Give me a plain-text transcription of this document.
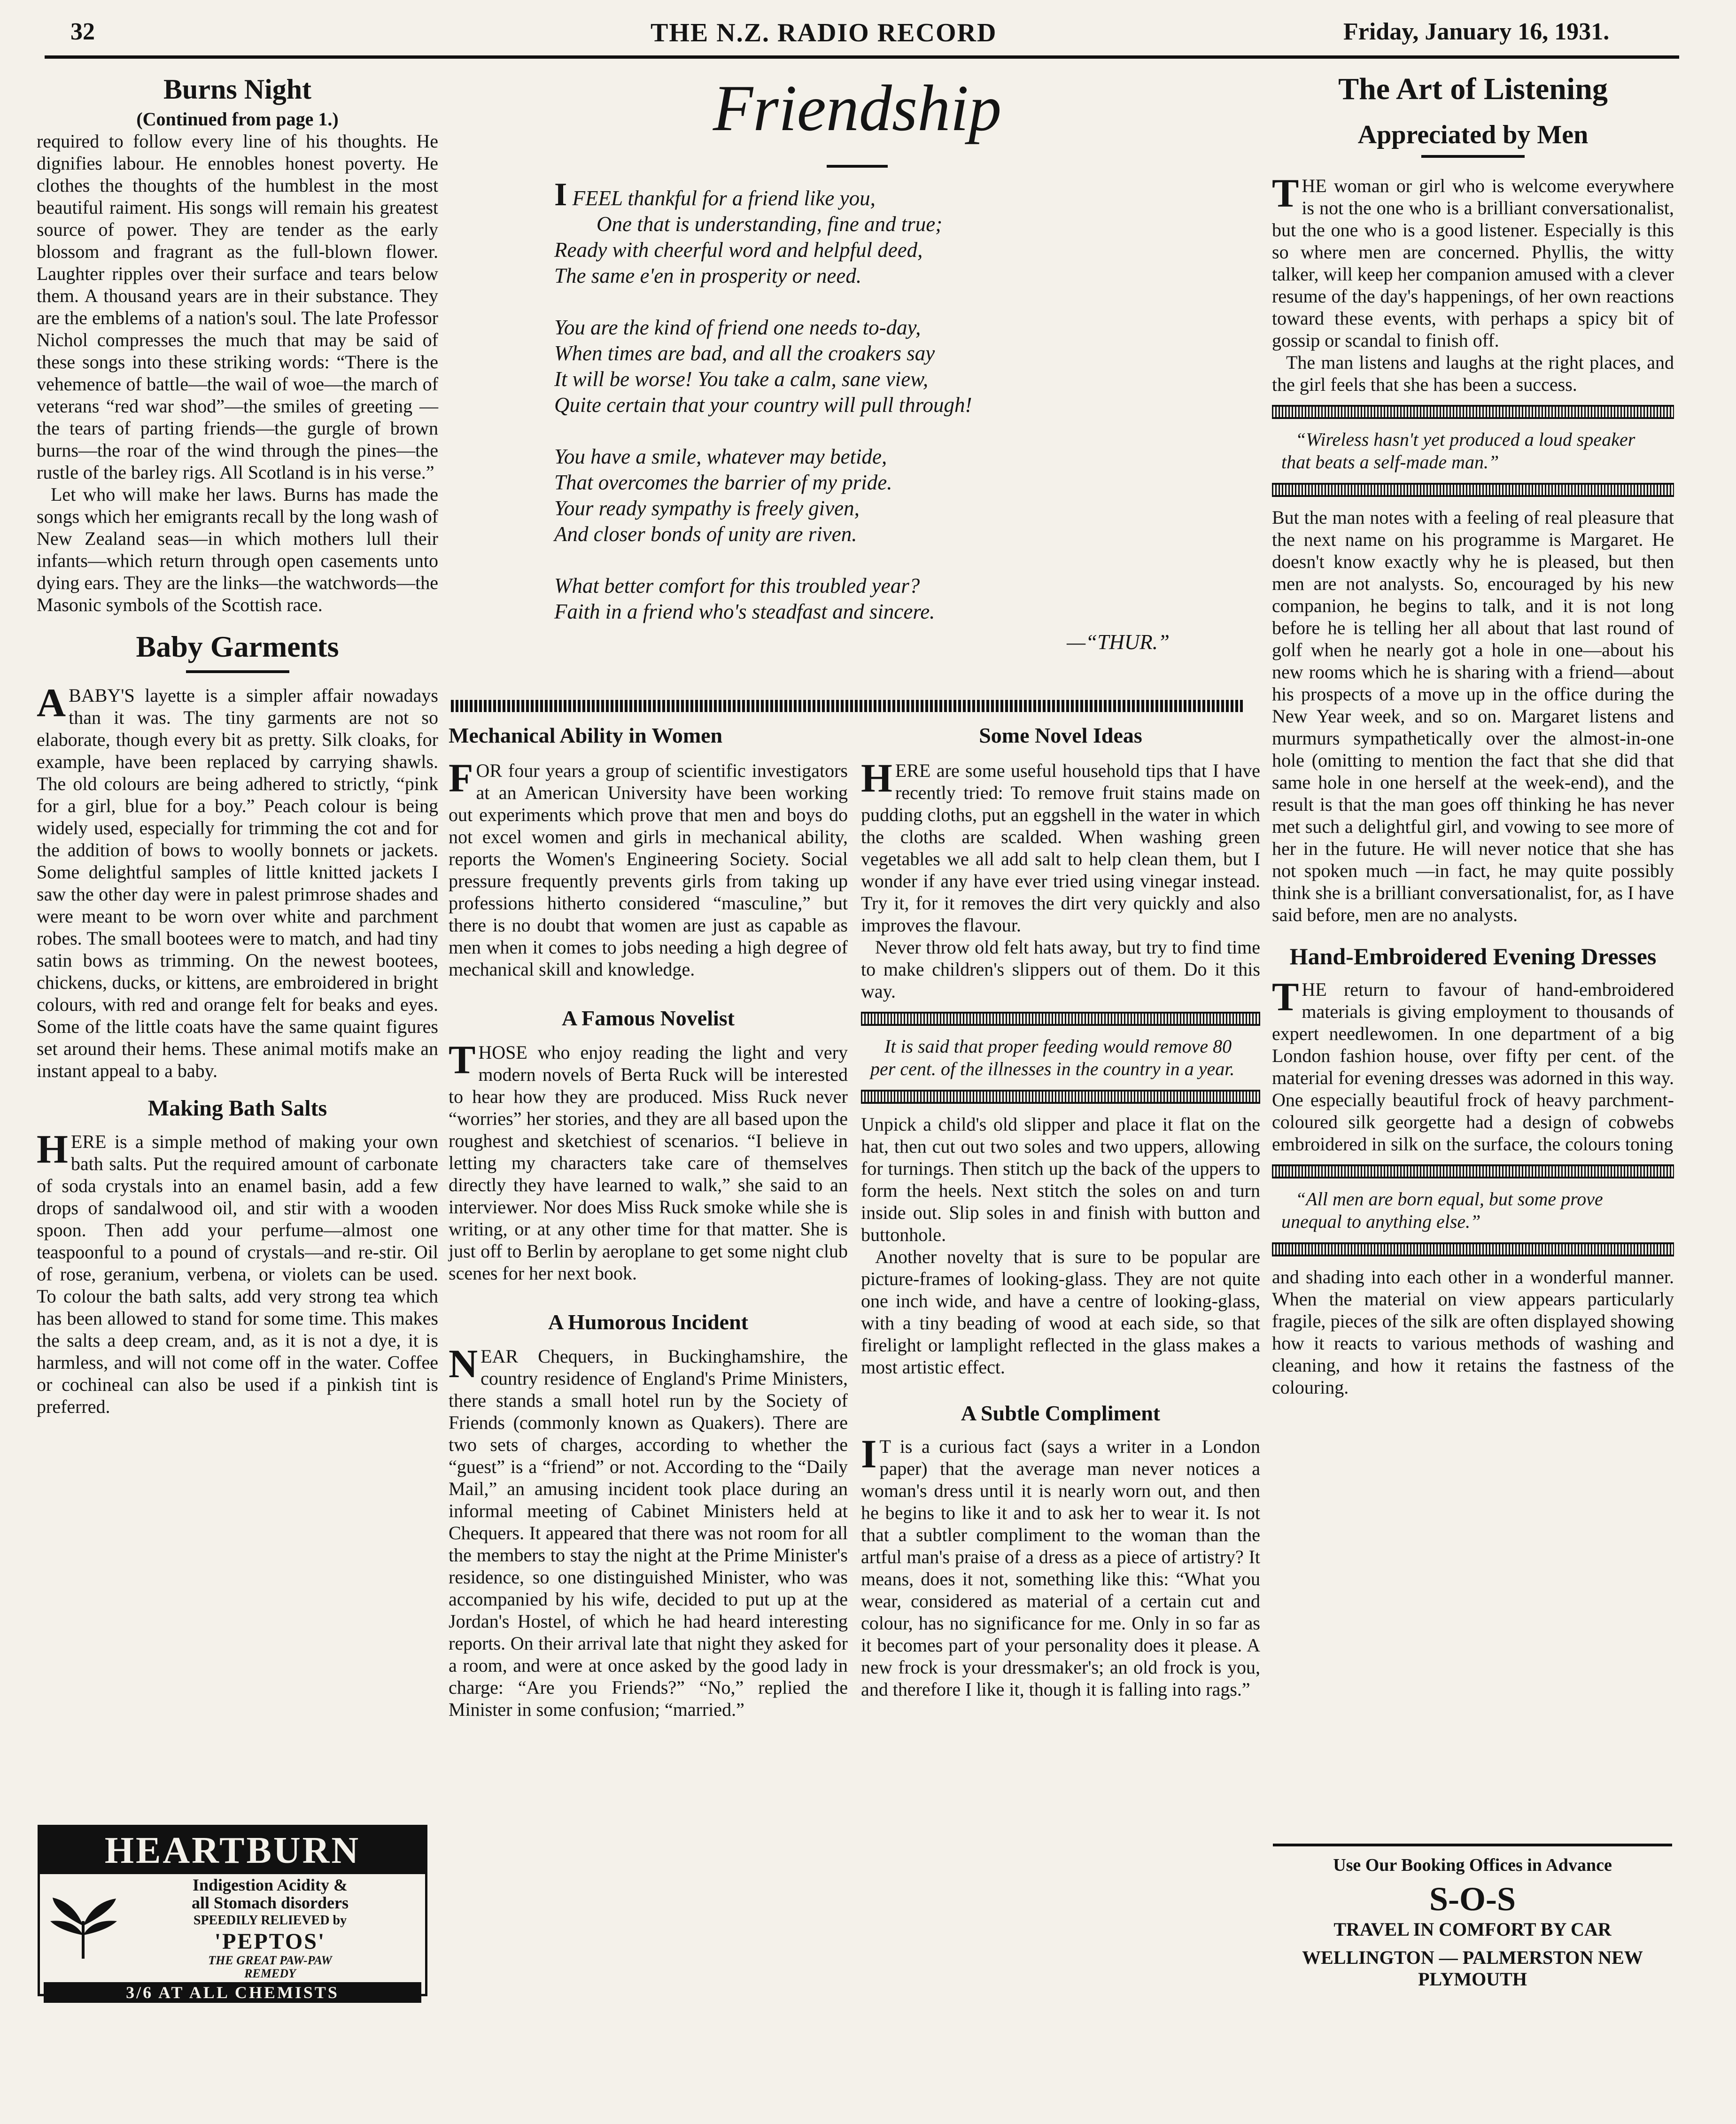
32	THE N.Z. RADIO RECORD	Friday, January 16, 1931.
Burns Night
(Continued from page 1.)

required to follow every line of his thoughts. He dignifies labour. He ennobles honest poverty. He clothes the thoughts of the humblest in the most beautiful raiment. His songs will remain his greatest source of power. They are tender as the early blossom and fragrant as the full-blown flower. Laughter ripples over their surface and tears below them. A thousand years are in their substance. They are the emblems of a nation's soul. The late Professor Nichol compresses the much that may be said of these songs into these striking words: “There is the vehemence of battle—the wail of woe—the march of veterans “red war shod”—the smiles of greeting —the tears of parting friends—the gurgle of brown burns—the roar of the wind through the pines—the rustle of the barley rigs. All Scotland is in his verse.”

Let who will make her laws. Burns has made the songs which her emigrants recall by the long wash of New Zealand seas—in which mothers lull their infants—which return through open casements unto dying ears. They are the links—the watchwords—the Masonic symbols of the Scottish race.

Baby Garments

ABABY'S layette is a simpler affair nowadays than it was. The tiny garments are not so elaborate, though every bit as pretty. Silk cloaks, for example, have been replaced by carrying shawls. The old colours are being adhered to strictly, “pink for a girl, blue for a boy.” Peach colour is being widely used, especially for trimming the cot and for the addition of bows to woolly bonnets or jackets. Some delightful samples of little knitted jackets I saw the other day were in palest primrose shades and were meant to be worn over white and parchment robes. The small bootees were to match, and had tiny satin bows as trimming. On the newest bootees, chickens, ducks, or kittens, are embroidered in bright colours, with red and orange felt for beaks and eyes. Some of the little coats have the same quaint figures set around their hems. These animal motifs make an instant appeal to a baby.

Making Bath Salts

HERE is a simple method of making your own bath salts. Put the required amount of carbonate of soda crystals into an enamel basin, add a few drops of sandalwood oil, and stir with a wooden spoon. Then add your perfume—almost one teaspoonful to a pound of crystals—and re-stir. Oil of rose, geranium, verbena, or violets can be used. To colour the bath salts, add very strong tea which has been allowed to stand for some time. This makes the salts a deep cream, and, as it is not a dye, it is harmless, and will not come off in the water. Coffee or cochineal can also be used if a pinkish tint is preferred.

HEARTBURN
Indigestion Acidity &
all Stomach disorders
SPEEDILY RELIEVED by
'PEPTOS'
THE GREAT PAW-PAW
REMEDY
3/6 AT ALL CHEMISTS
Friendship

I FEEL thankful for a friend like you,

One that is understanding, fine and true;

Ready with cheerful word and helpful deed,

The same e'en in prosperity or need.

You are the kind of friend one needs to-day,

When times are bad, and all the croakers say

It will be worse! You take a calm, sane view,

Quite certain that your country will pull through!

You have a smile, whatever may betide,

That overcomes the barrier of my pride.

Your ready sympathy is freely given,

And closer bonds of unity are riven.

What better comfort for this troubled year?

Faith in a friend who's steadfast and sincere.

—“THUR.”

Mechanical Ability in Women

FOR four years a group of scientific investigators at an American University have been working out experiments which prove that men and boys do not excel women and girls in mechanical ability, reports the Women's Engineering Society. Social pressure frequently prevents girls from taking up professions hitherto considered “masculine,” but there is no doubt that women are just as capable as men when it comes to jobs needing a high degree of mechanical skill and knowledge.

A Famous Novelist

THOSE who enjoy reading the light and very modern novels of Berta Ruck will be interested to hear how they are produced. Miss Ruck never “worries” her stories, and they are all based upon the roughest and sketchiest of scenarios. “I believe in letting my characters take care of themselves directly they have learned to walk,” she said to an interviewer. Nor does Miss Ruck smoke while she is writing, or at any other time for that matter. She is just off to Berlin by aeroplane to get some night club scenes for her next book.

A Humorous Incident

NEAR Chequers, in Buckinghamshire, the country residence of England's Prime Ministers, there stands a small hotel run by the Society of Friends (commonly known as Quakers). There are two sets of charges, according to whether the “guest” is a “friend” or not. According to the “Daily Mail,” an amusing incident took place during an informal meeting of Cabinet Ministers held at Chequers. It appeared that there was not room for all the members to stay the night at the Prime Minister's residence, so one distinguished Minister, who was accompanied by his wife, decided to put up at the Jordan's Hostel, of which he had heard interesting reports. On their arrival late that night they asked for a room, and were at once asked by the good lady in charge: “Are you Friends?” “No,” replied the Minister in some confusion; “married.”

Some Novel Ideas

HERE are some useful household tips that I have recently tried: To remove fruit stains made on pudding cloths, put an eggshell in the water in which the cloths are scalded. When washing green vegetables we all add salt to help clean them, but I wonder if any have ever tried using vinegar instead. Try it, for it removes the dirt very quickly and also improves the flavour.

Never throw old felt hats away, but try to find time to make children's slippers out of them. Do it this way.

It is said that proper feeding would remove 80 per cent. of the illnesses in the country in a year.

Unpick a child's old slipper and place it flat on the hat, then cut out two soles and two uppers, allowing for turnings. Then stitch up the back of the uppers to form the heels. Next stitch the soles on and turn inside out. Slip soles in and finish with button and buttonhole.

Another novelty that is sure to be popular are picture-frames of looking-glass. They are not quite one inch wide, and have a centre of looking-glass, with a tiny beading of wood at each side, so that firelight or lamplight reflected in the glass makes a most artistic effect.

A Subtle Compliment

I T is a curious fact (says a writer in a London paper) that the average man never notices a woman's dress until it is nearly worn out, and then he begins to like it and to ask her to wear it. Is not that a subtler compliment to the woman than the artful man's praise of a dress as a piece of artistry? It means, does it not, something like this: “What you wear, considered as material of a certain cut and colour, has no significance for me. Only in so far as it becomes part of your personality does it please. A new frock is your dressmaker's; an old frock is you, and therefore I like it, though it is falling into rags.”

The Art of Listening
Appreciated by Men

THE woman or girl who is welcome everywhere is not the one who is a brilliant conversationalist, but the one who is a good listener. Especially is this so where men are concerned. Phyllis, the witty talker, will keep her companion amused with a clever resume of the day's happenings, of her own reactions toward these events, with perhaps a spicy bit of gossip or scandal to finish off.

The man listens and laughs at the right places, and the girl feels that she has been a success.

“Wireless hasn't yet produced a loud speaker that beats a self-made man.”

But the man notes with a feeling of real pleasure that the next name on his programme is Margaret. He doesn't know exactly why he is pleased, but then men are not analysts. So, encouraged by his new companion, he begins to talk, and it is not long before he is telling her all about that last round of golf when he nearly got a hole in one—about his new rooms which he is sharing with a friend—about his prospects of a move up in the office during the New Year week, and so on. Margaret listens and murmurs sympathetically over the almost-in-one hole (omitting to mention the fact that she did that same hole in one herself at the week-end), and the result is that the man goes off thinking he has never met such a delightful girl, and vowing to see more of her in the future. He will never notice that she has not spoken much —in fact, he may quite possibly think she is a brilliant conversationalist, for, as I have said before, men are no analysts.

Hand-Embroidered Evening Dresses

THE return to favour of hand-embroidered materials is giving employment to thousands of expert needlewomen. In one department of a big London fashion house, over fifty per cent. of the material for evening dresses was adorned in this way. One especially beautiful frock of heavy parchment-coloured silk georgette had a design of cobwebs embroidered in silk on the surface, the colours toning

“All men are born equal, but some prove unequal to anything else.”

and shading into each other in a wonderful manner. When the material on view appears particularly fragile, pieces of the silk are often displayed showing how it reacts to various methods of washing and cleaning, and how it retains the fastness of the colouring.

Use Our Booking Offices in Advance
S-O-S
TRAVEL IN COMFORT BY CAR
WELLINGTON — PALMERSTON NEW PLYMOUTH
